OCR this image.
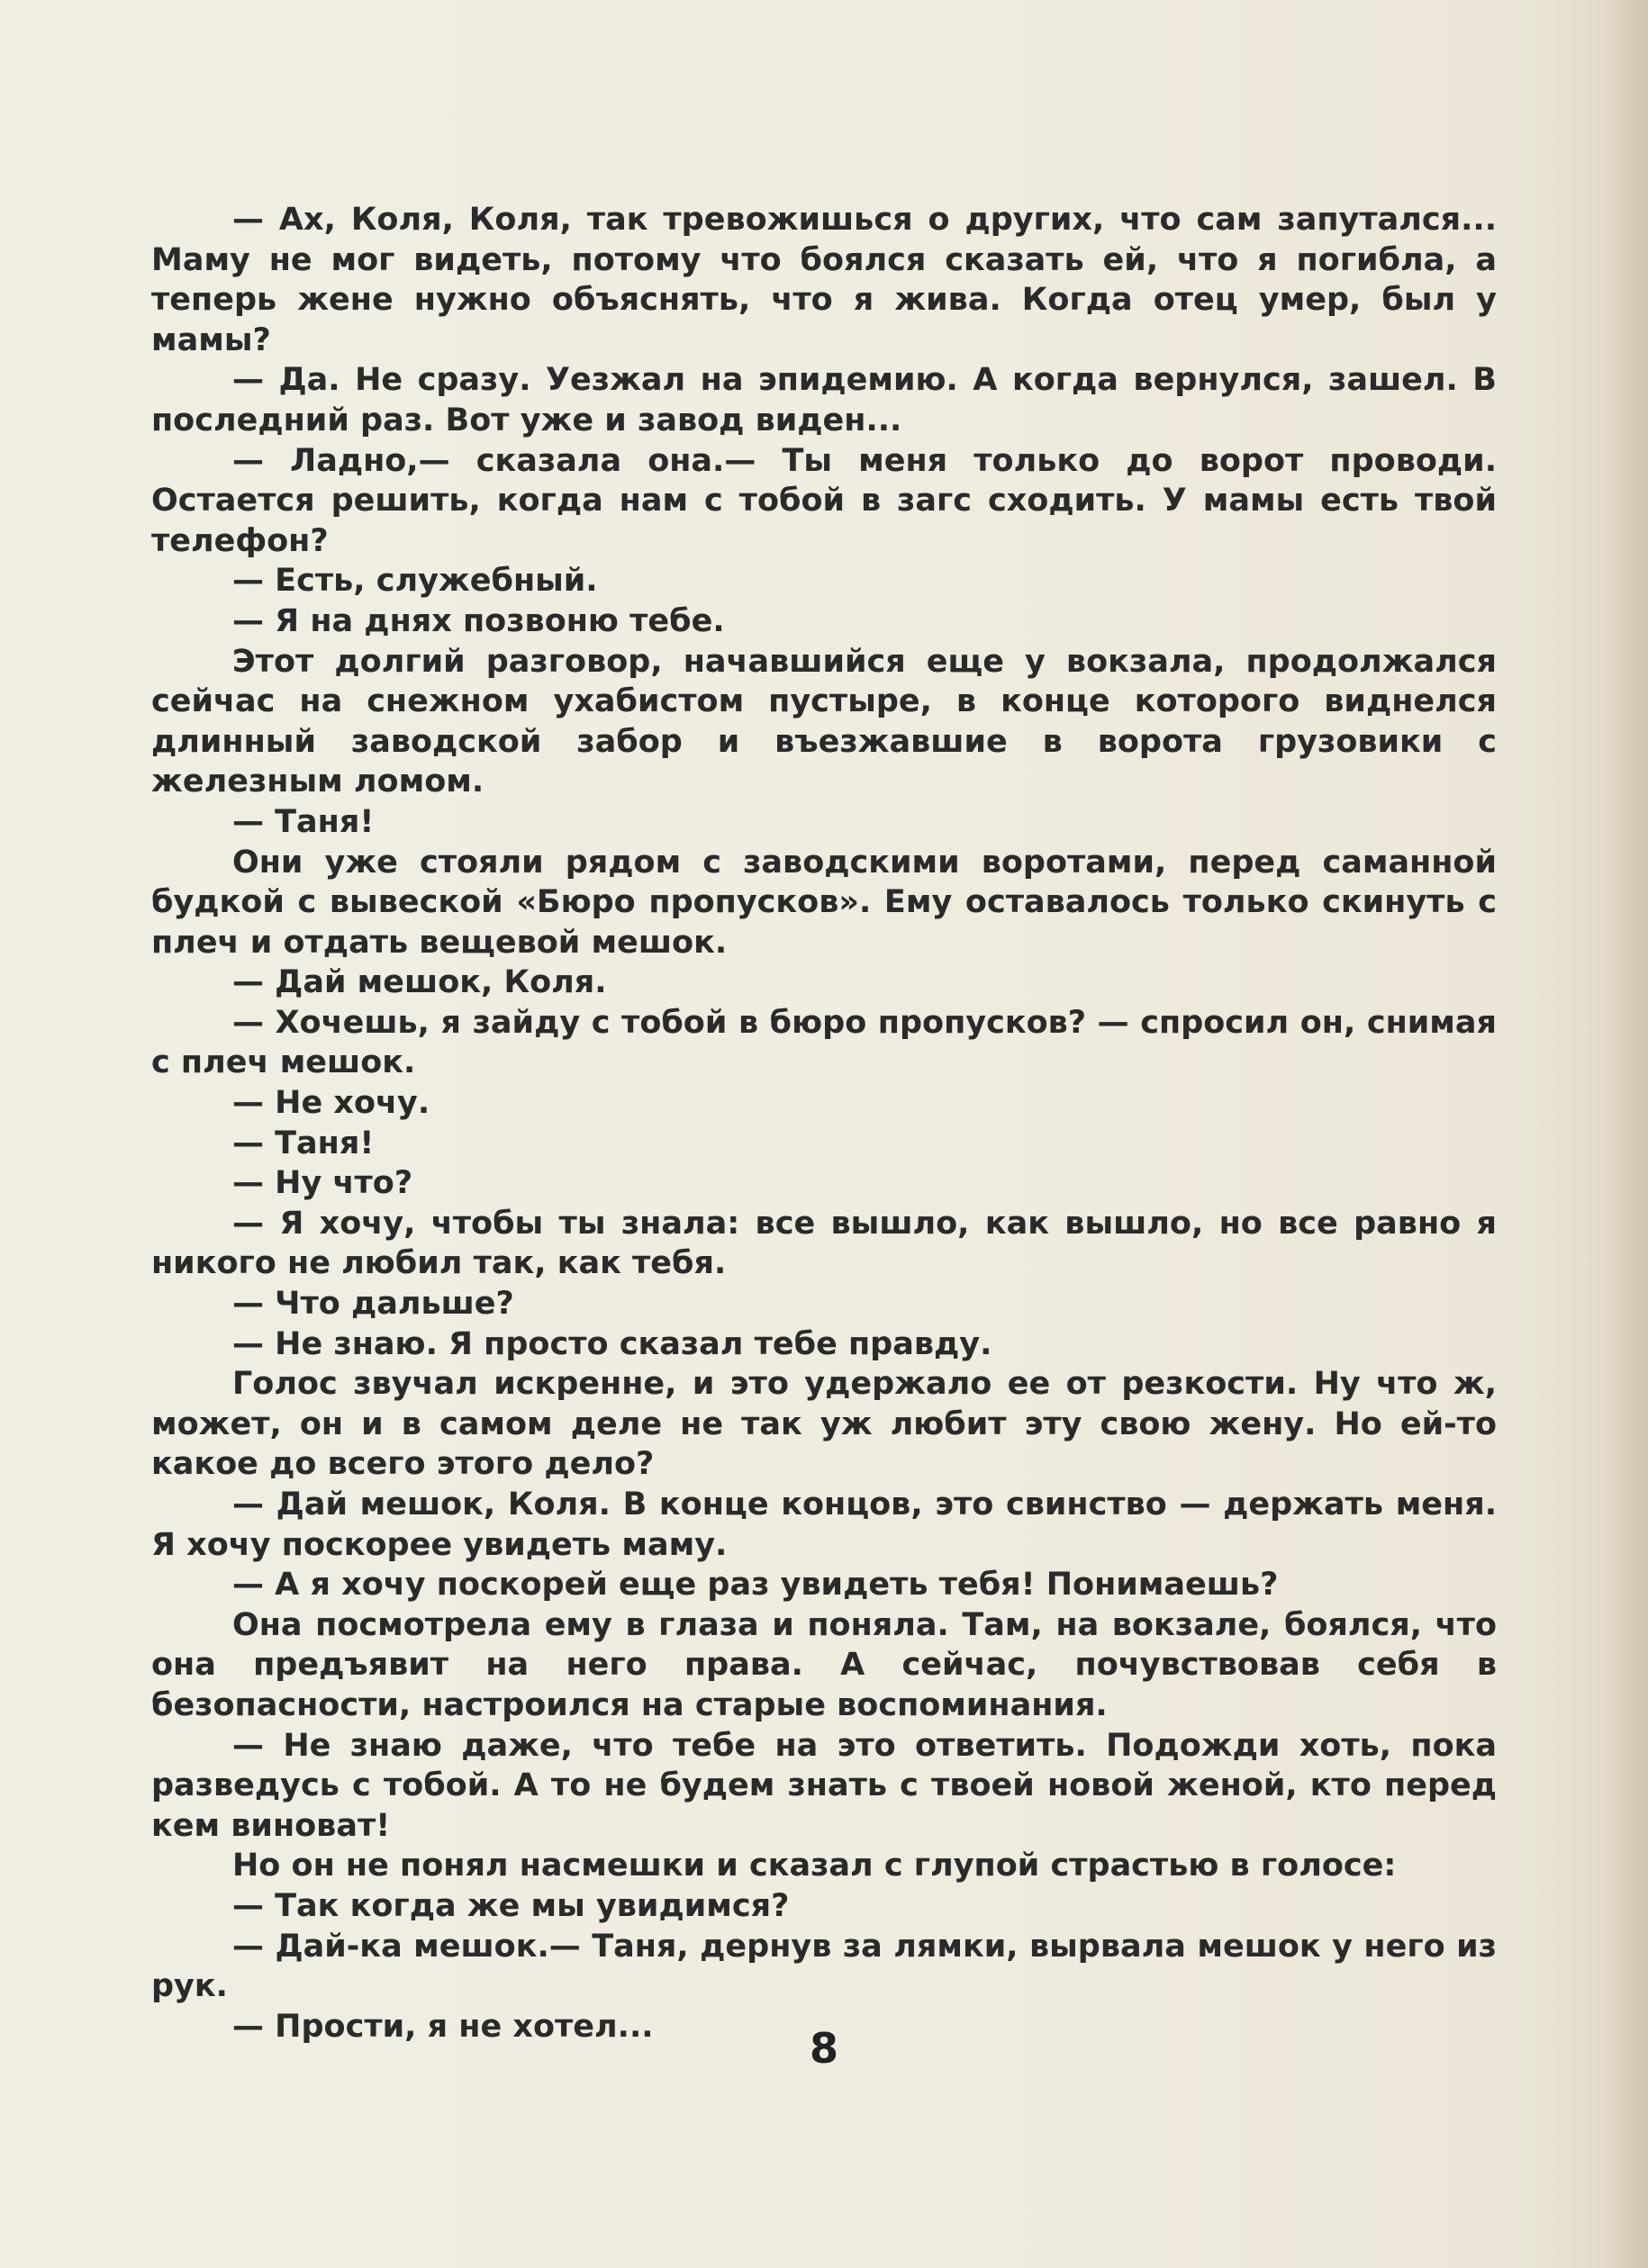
— Ах, Коля, Коля, так тревожишься о других, что сам запутался... Маму не мог видеть, потому что боялся сказать ей, что я погибла, а теперь жене нужно объяснять, что я жива. Когда отец умер, был у мамы?

— Да. Не сразу. Уезжал на эпидемию. А когда вернулся, зашел. В последний раз. Вот уже и завод виден...

— Ладно,— сказала она.— Ты меня только до ворот проводи. Остается решить, когда нам с тобой в загс сходить. У мамы есть твой телефон?

— Есть, служебный.

— Я на днях позвоню тебе.

Этот долгий разговор, начавшийся еще у вокзала, продолжался сейчас на снежном ухабистом пустыре, в конце которого виднелся длинный заводской забор и въезжавшие в ворота грузовики с железным ломом.

— Таня!

Они уже стояли рядом с заводскими воротами, перед саманной будкой с вывеской «Бюро пропусков». Ему оставалось только скинуть с плеч и отдать вещевой мешок.

— Дай мешок, Коля.

— Хочешь, я зайду с тобой в бюро пропусков? — спросил он, снимая с плеч мешок.

— Не хочу.

— Таня!

— Ну что?

— Я хочу, чтобы ты знала: все вышло, как вышло, но все равно я никого не любил так, как тебя.

— Что дальше?

— Не знаю. Я просто сказал тебе правду.

Голос звучал искренне, и это удержало ее от резкости. Ну что ж, может, он и в самом деле не так уж любит эту свою жену. Но ей-то какое до всего этого дело?

— Дай мешок, Коля. В конце концов, это свинство — держать меня. Я хочу поскорее увидеть маму.

— А я хочу поскорей еще раз увидеть тебя! Понимаешь?

Она посмотрела ему в глаза и поняла. Там, на вокзале, боялся, что она предъявит на него права. А сейчас, почувствовав себя в безопасности, настроился на старые воспоминания.

— Не знаю даже, что тебе на это ответить. Подожди хоть, пока разведусь с тобой. А то не будем знать с твоей новой женой, кто перед кем виноват!

Но он не понял насмешки и сказал с глупой страстью в голосе:

— Так когда же мы увидимся?

— Дай-ка мешок.— Таня, дернув за лямки, вырвала мешок у него из рук.

— Прости, я не хотел...	8
